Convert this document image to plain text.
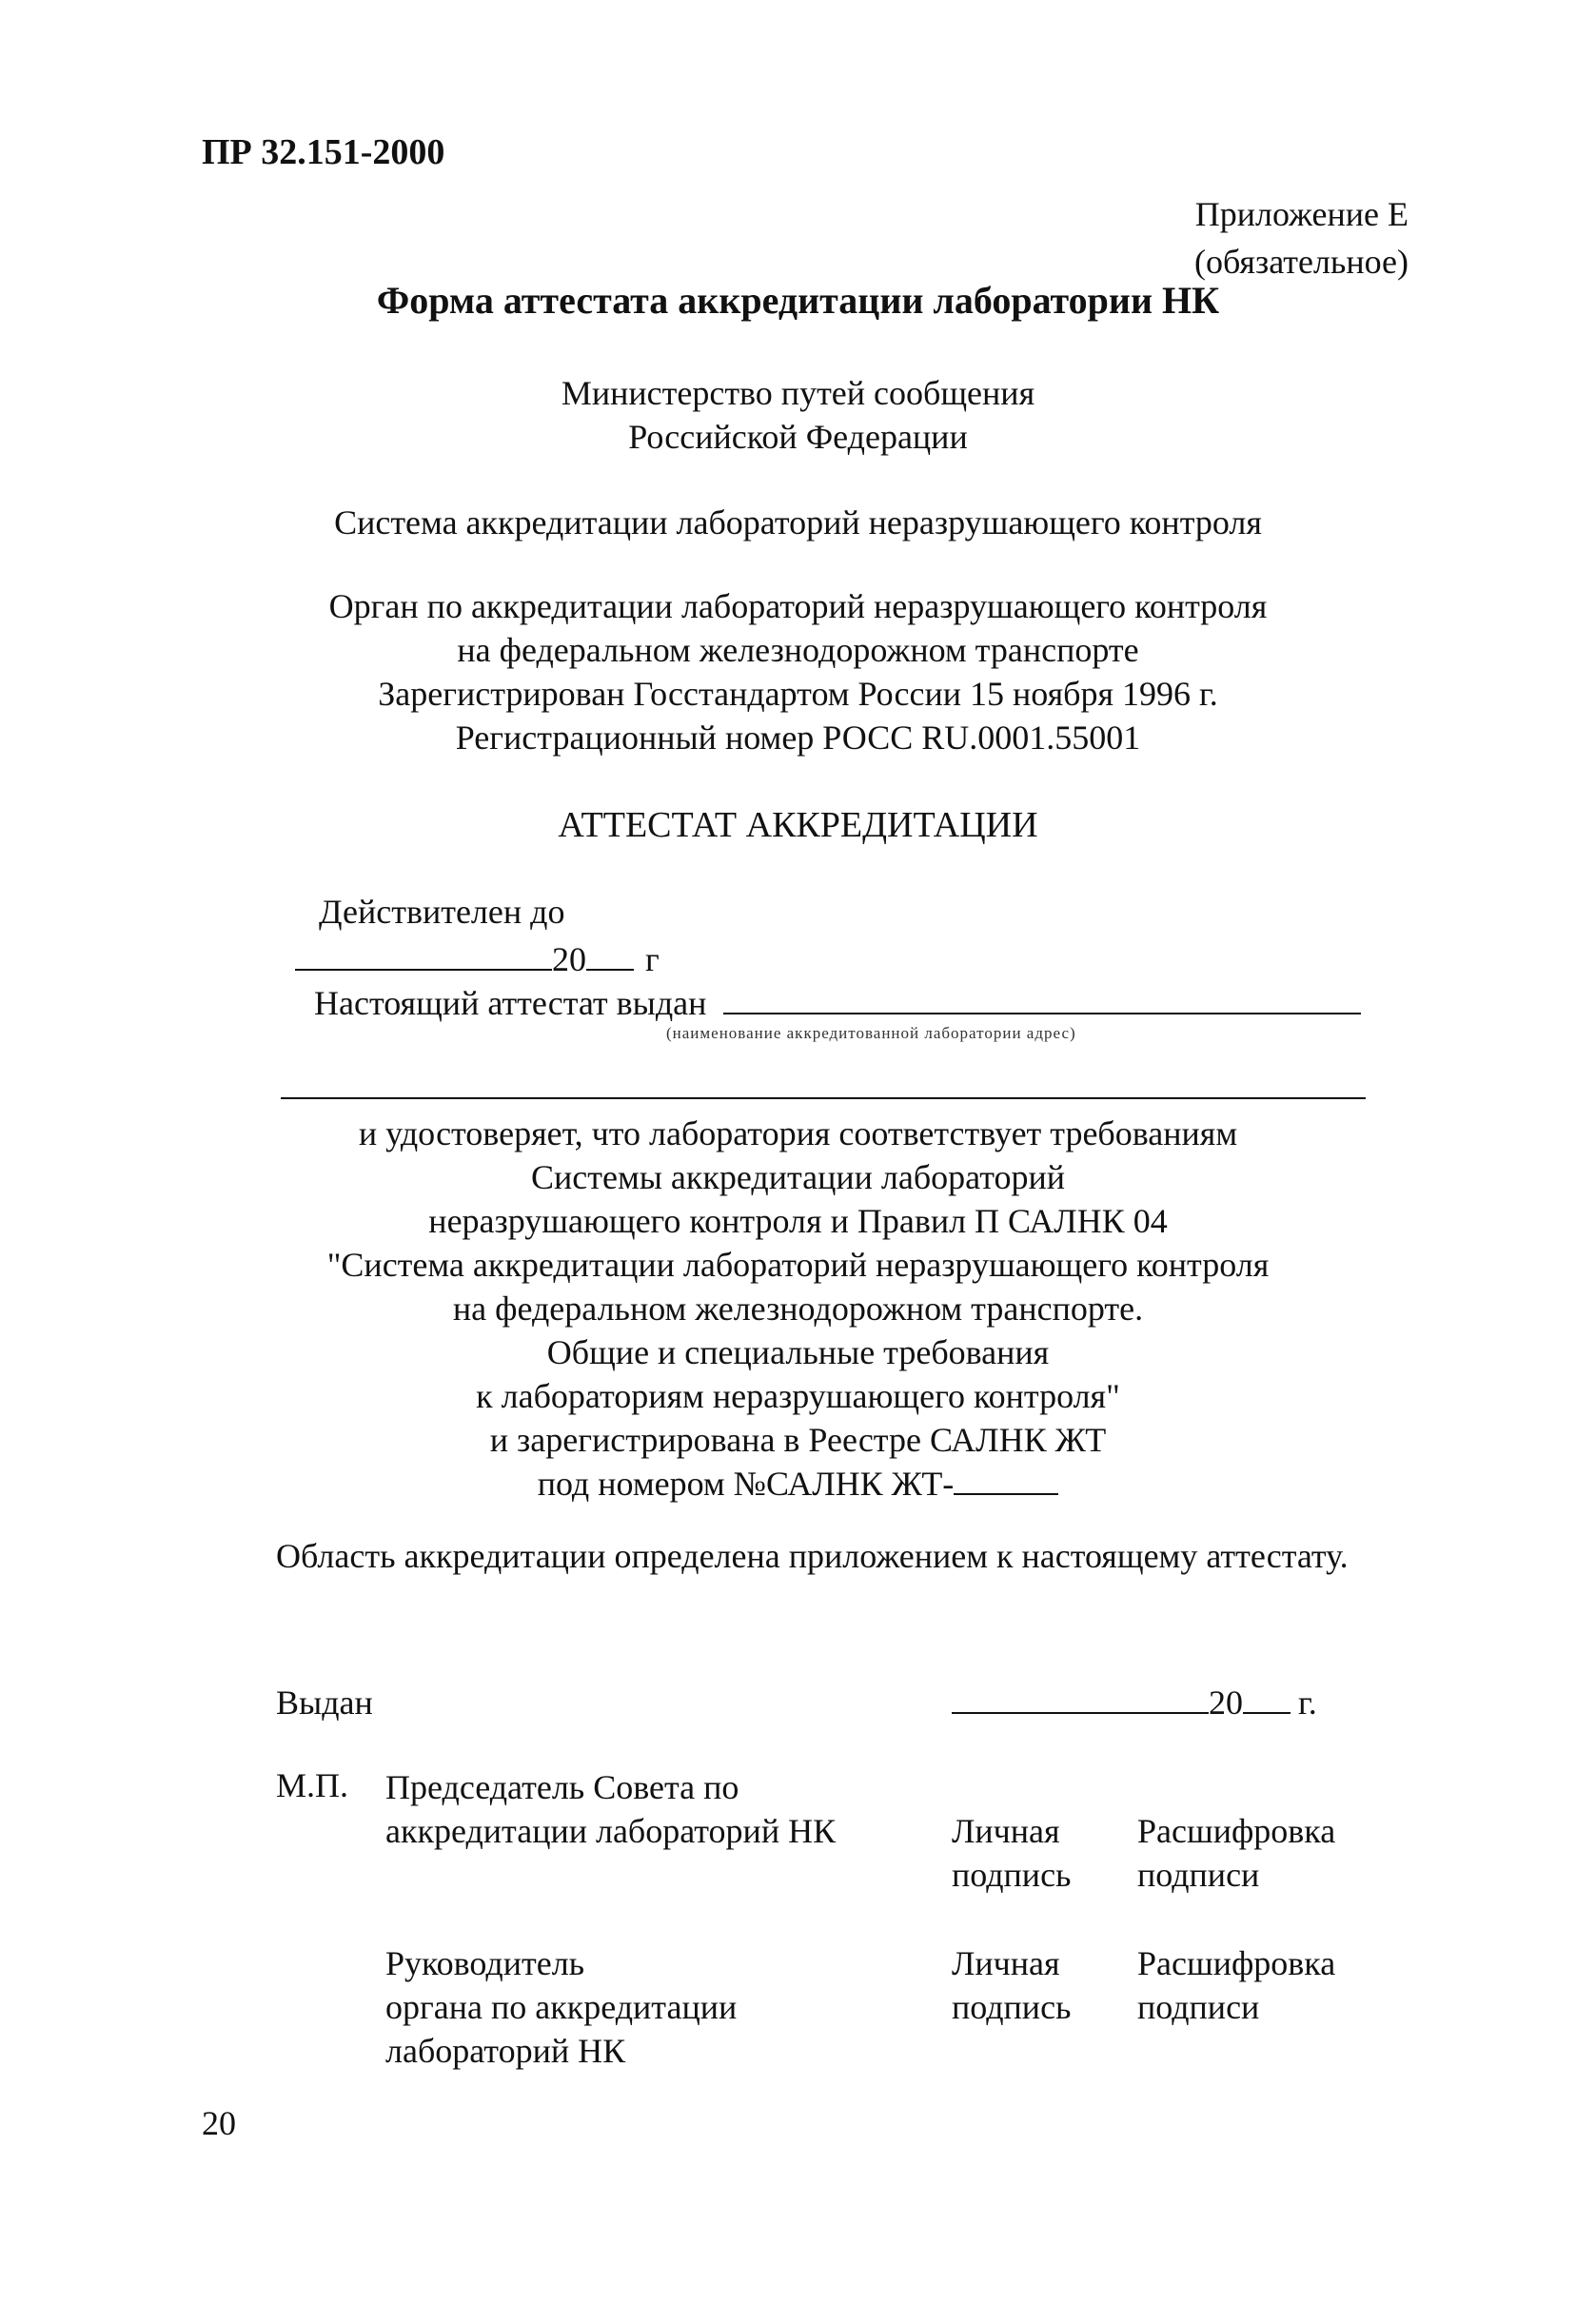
ПР 32.151-2000
Приложение Е
(обязательное)
Форма аттестата аккредитации лаборатории НК
Министерство путей сообщения
Российской Федерации
Система аккредитации лабораторий неразрушающего контроля
Орган по аккредитации лабораторий неразрушающего контроля
на федеральном железнодорожном транспорте
Зарегистрирован Госстандартом России 15 ноября 1996 г.
Регистрационный номер РОСС RU.0001.55001
АТТЕСТАТ АККРЕДИТАЦИИ
Действителен до
20 г
Настоящий аттестат выдан
(наименование аккредитованной лаборатории адрес)
и удостоверяет, что лаборатория соответствует требованиям
Системы аккредитации лабораторий
неразрушающего контроля и Правил П САЛНК 04
"Система аккредитации лабораторий неразрушающего контроля
на федеральном железнодорожном транспорте.
Общие и специальные требования
к лабораториям неразрушающего контроля"
и зарегистрирована в Реестре САЛНК ЖТ
под номером №САЛНК ЖТ-
Область аккредитации определена приложением к настоящему аттестату.
Выдан	20 г.
М.П. Председатель Совета по
аккредитации лабораторий НК	Личная
подпись
Расшифровка
подписи
Руководитель
органа по аккредитации
лабораторий НК
Личная
подпись
Расшифровка
подписи
20
